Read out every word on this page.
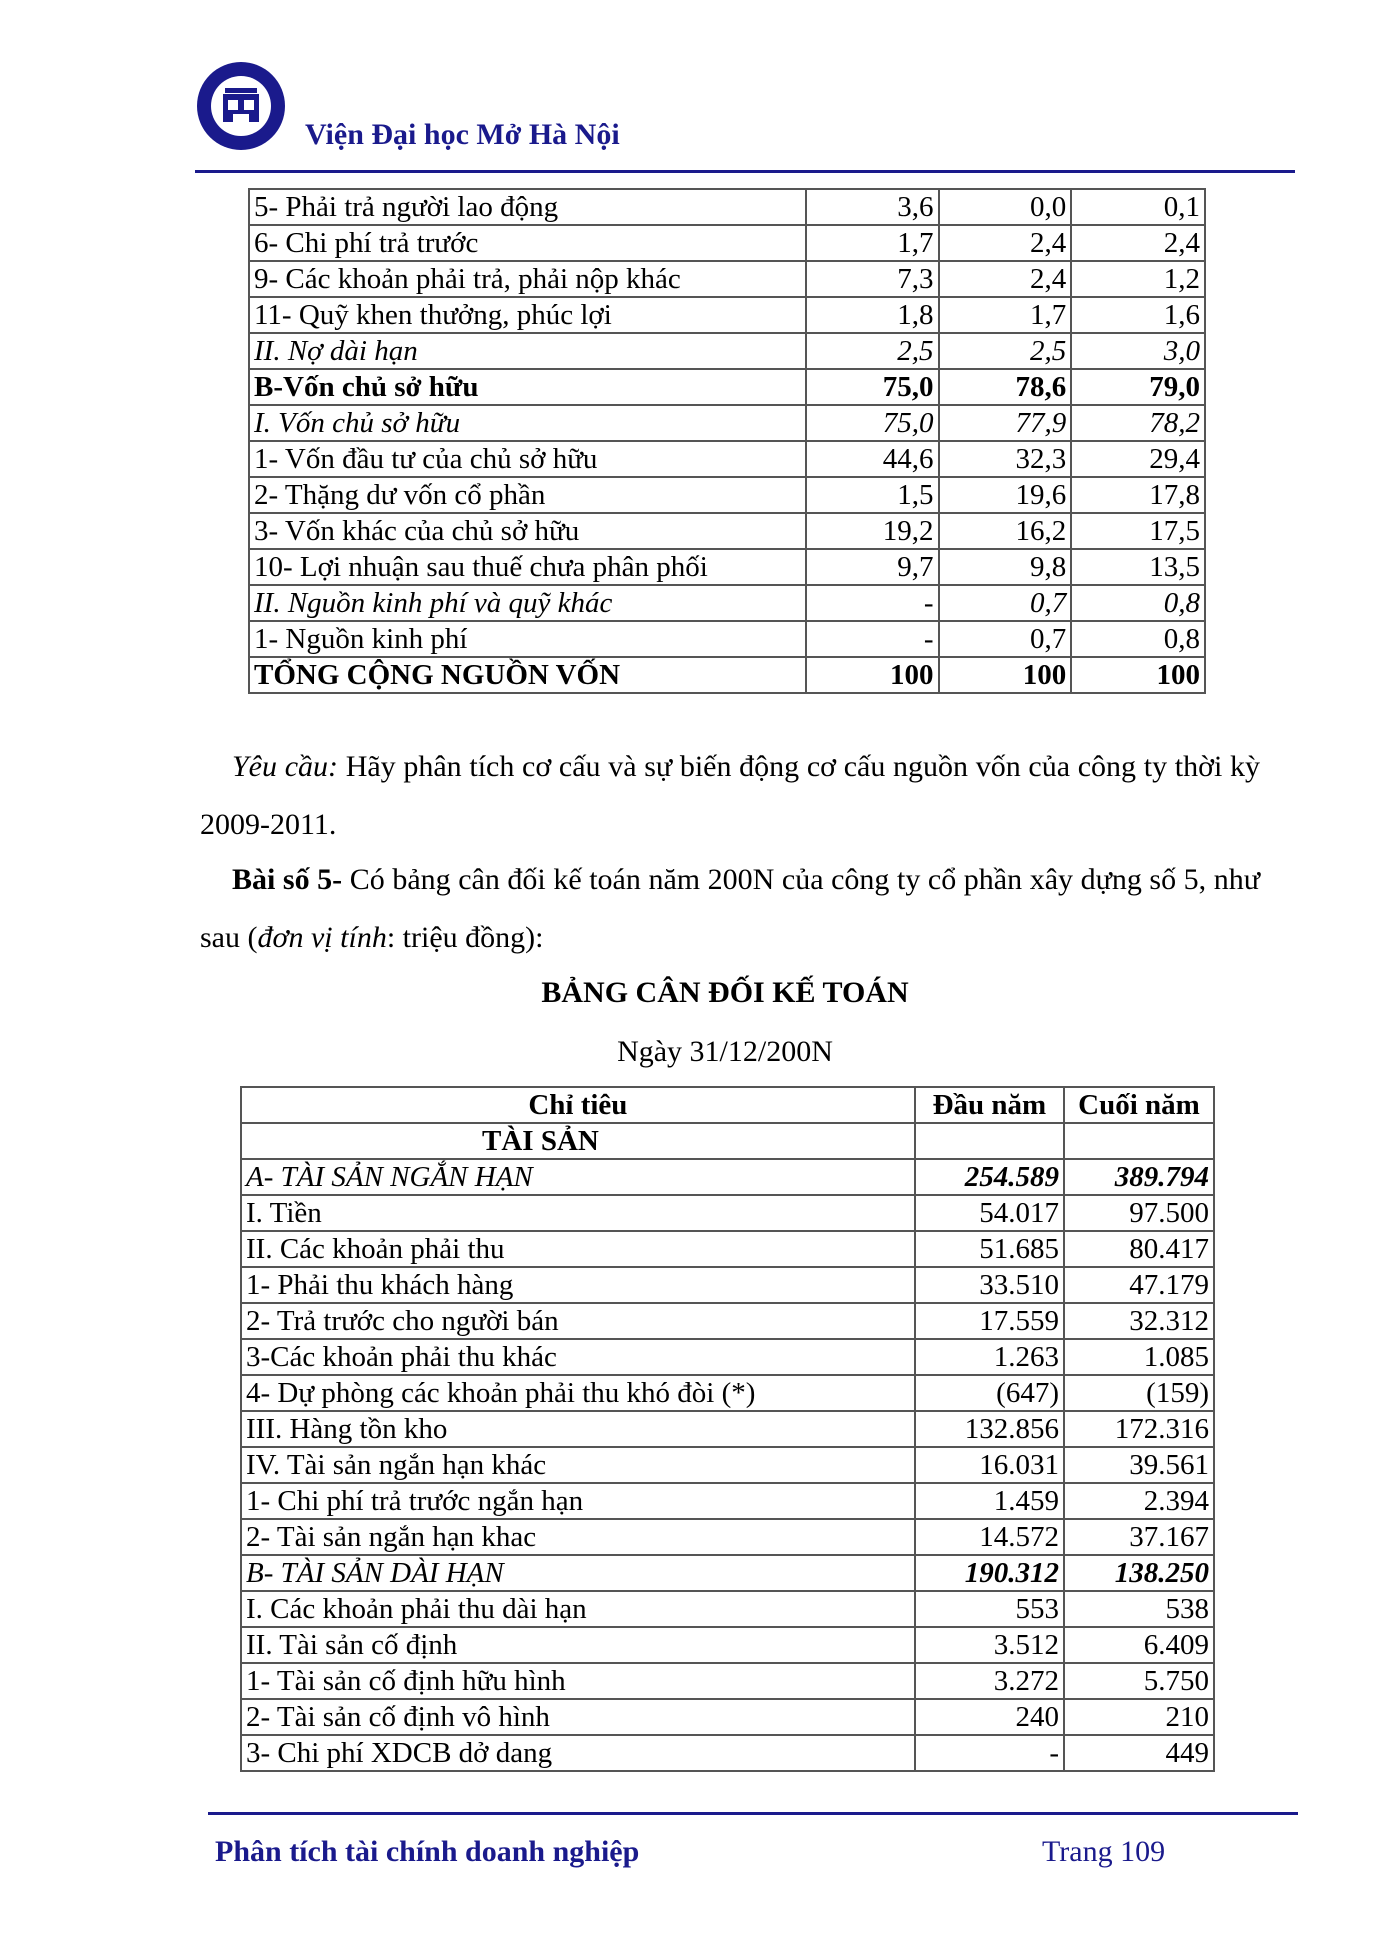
Viện Đại học Mở Hà Nội
5- Phải trả người lao động	3,6	0,0	0,1
6- Chi phí trả trước	1,7	2,4	2,4
9- Các khoản phải trả, phải nộp khác	7,3	2,4	1,2
11- Quỹ khen thưởng, phúc lợi	1,8	1,7	1,6
II. Nợ dài hạn	2,5	2,5	3,0
B-Vốn chủ sở hữu	75,0	78,6	79,0
I. Vốn chủ sở hữu	75,0	77,9	78,2
1- Vốn đầu tư của chủ sở hữu	44,6	32,3	29,4
2- Thặng dư vốn cổ phần	1,5	19,6	17,8
3- Vốn khác của chủ sở hữu	19,2	16,2	17,5
10- Lợi nhuận sau thuế chưa phân phối	9,7	9,8	13,5
II. Nguồn kinh phí và quỹ khác	-	0,7	0,8
1- Nguồn kinh phí	-	0,7	0,8
TỔNG CỘNG NGUỒN VỐN	100	100	100
Yêu cầu: Hãy phân tích cơ cấu và sự biến động cơ cấu nguồn vốn của công ty thời kỳ 2009-2011.
Bài số 5- Có bảng cân đối kế toán năm 200N của công ty cổ phần xây dựng số 5, như sau (đơn vị tính: triệu đồng):
BẢNG CÂN ĐỐI KẾ TOÁN
Ngày 31/12/200N
Chỉ tiêu	Đầu năm	Cuối năm
TÀI SẢN		
A- TÀI SẢN NGẮN HẠN	254.589	389.794
I. Tiền	54.017	97.500
II. Các khoản phải thu	51.685	80.417
1- Phải thu khách hàng	33.510	47.179
2- Trả trước cho người bán	17.559	32.312
3-Các khoản phải thu khác	1.263	1.085
4- Dự phòng các khoản phải thu khó đòi (*)	(647)	(159)
III. Hàng tồn kho	132.856	172.316
IV. Tài sản ngắn hạn khác	16.031	39.561
1- Chi phí trả trước ngắn hạn	1.459	2.394
2- Tài sản ngắn hạn khac	14.572	37.167
B- TÀI SẢN DÀI HẠN	190.312	138.250
I. Các khoản phải thu dài hạn	553	538
II. Tài sản cố định	3.512	6.409
1- Tài sản cố định hữu hình	3.272	5.750
2- Tài sản cố định vô hình	240	210
3- Chi phí XDCB dở dang	-	449
Phân tích tài chính doanh nghiệp	Trang 109
